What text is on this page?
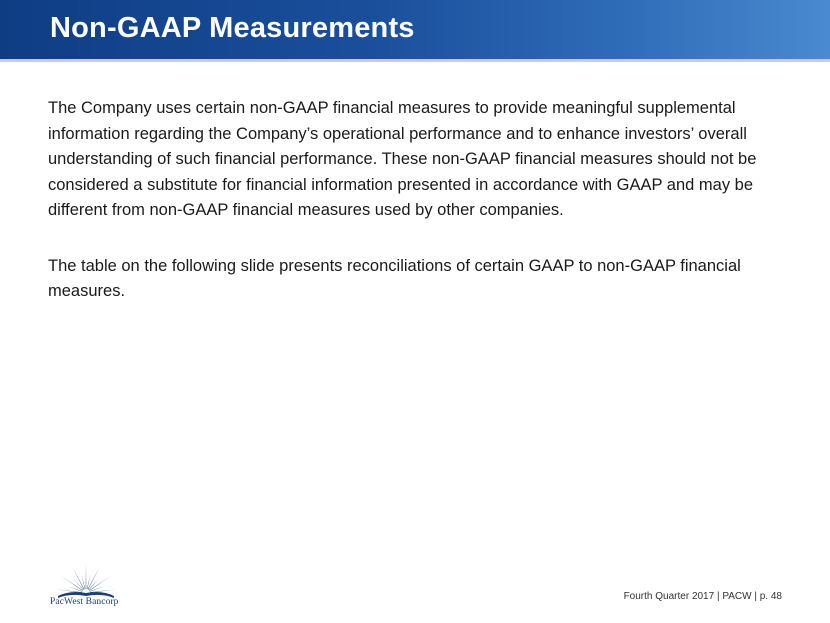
Non-GAAP Measurements

The Company uses certain non-GAAP financial measures to provide meaningful supplemental information regarding the Company’s operational performance and to enhance investors’ overall understanding of such financial performance. These non-GAAP financial measures should not be considered a substitute for financial information presented in accordance with GAAP and may be different from non-GAAP financial measures used by other companies.

The table on the following slide presents reconciliations of certain GAAP to non-GAAP financial measures.

PacWest Bancorp	Fourth Quarter 2017 | PACW | p. 48
